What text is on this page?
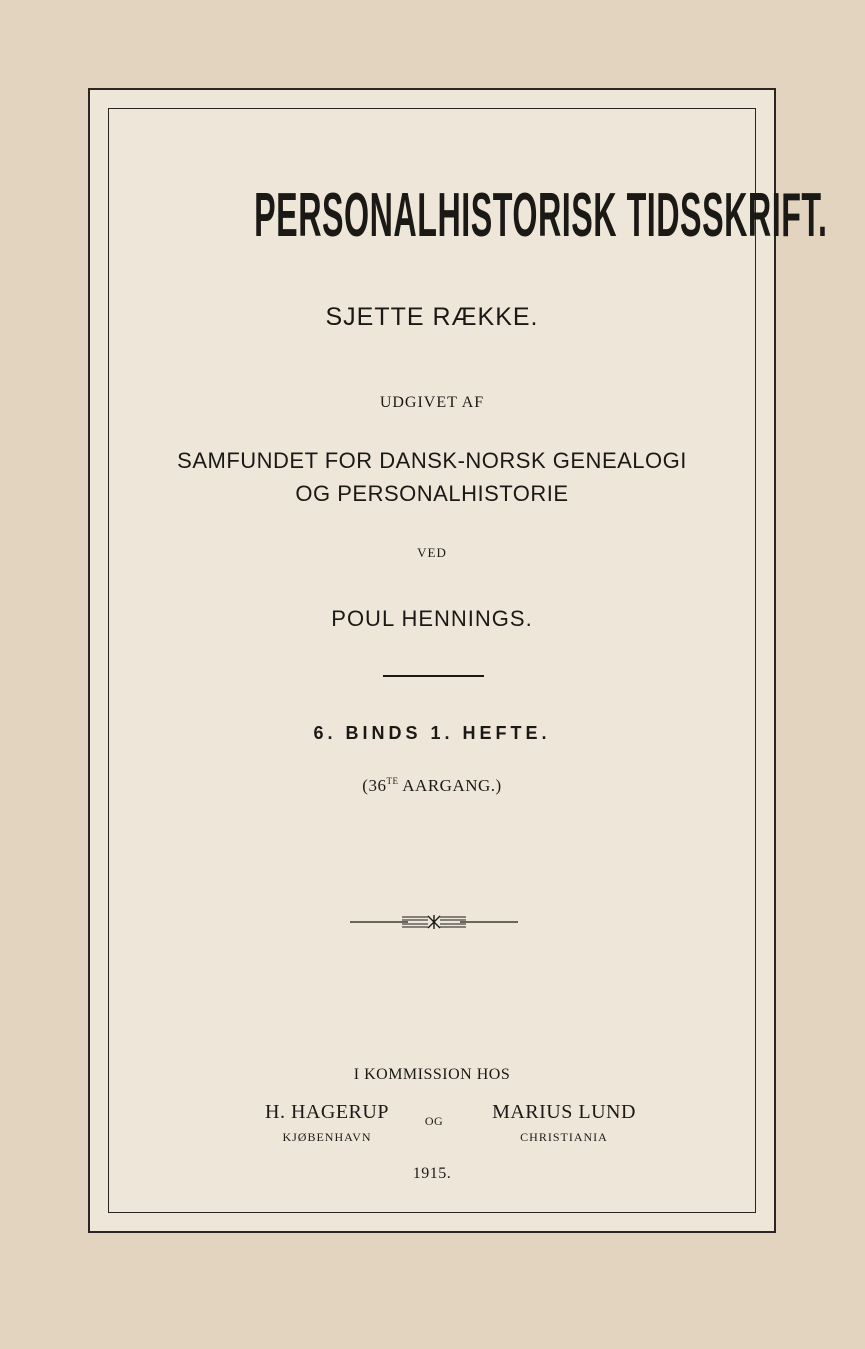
PERSONALHISTORISK TIDSSKRIFT.
SJETTE RÆKKE.
UDGIVET AF
SAMFUNDET FOR DANSK-NORSK GENEALOGI
OG PERSONALHISTORIE
VED
POUL HENNINGS.
6. BINDS 1. HEFTE.
($36^{TE}$ AARGANG.)
I KOMMISSION HOS
H. HAGERUP
KJØBENHAVN
OG	MARIUS LUND
CHRISTIANIA
1915.
